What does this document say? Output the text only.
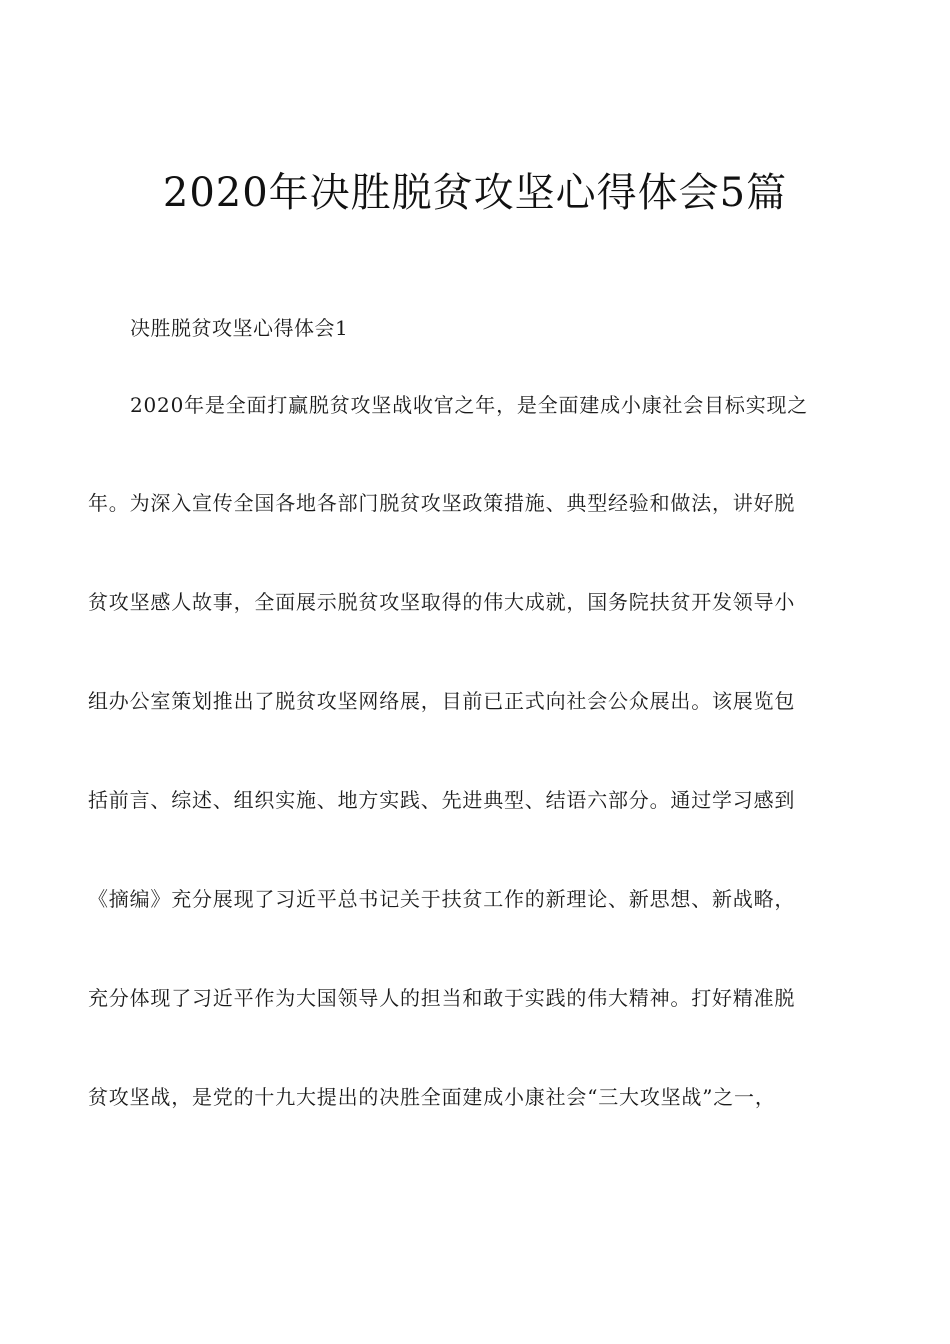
2020年决胜脱贫攻坚心得体会5篇
决胜脱贫攻坚心得体会1
2020年是全面打赢脱贫攻坚战收官之年，是全面建成小康社会目标实现之
年。为深入宣传全国各地各部门脱贫攻坚政策措施、典型经验和做法，讲好脱
贫攻坚感人故事，全面展示脱贫攻坚取得的伟大成就，国务院扶贫开发领导小
组办公室策划推出了脱贫攻坚网络展，目前已正式向社会公众展出。该展览包
括前言、综述、组织实施、地方实践、先进典型、结语六部分。通过学习感到
《摘编》充分展现了习近平总书记关于扶贫工作的新理论、新思想、新战略，
充分体现了习近平作为大国领导人的担当和敢于实践的伟大精神。打好精准脱
贫攻坚战，是党的十九大提出的决胜全面建成小康社会“三大攻坚战”之一，
